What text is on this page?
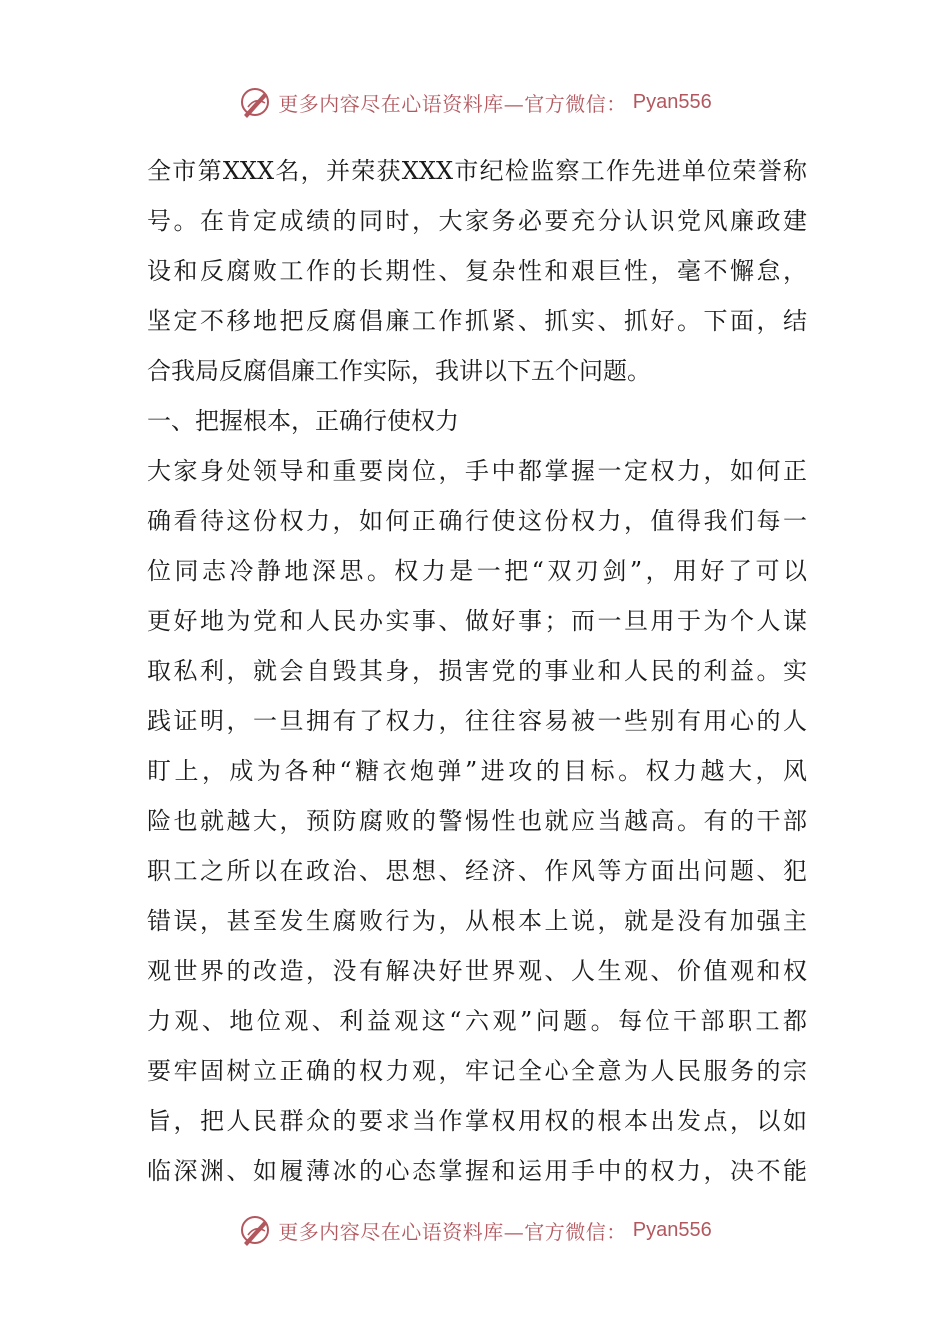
更多内容尽在心语资料库—官方微信： Pyan556
全市第XXX名，并荣获XXX市纪检监察工作先进单位荣誉称
号。在肯定成绩的同时，大家务必要充分认识党风廉政建
设和反腐败工作的长期性、复杂性和艰巨性，毫不懈怠，
坚定不移地把反腐倡廉工作抓紧、抓实、抓好。下面，结
合我局反腐倡廉工作实际，我讲以下五个问题。
一、把握根本，正确行使权力
大家身处领导和重要岗位，手中都掌握一定权力，如何正
确看待这份权力，如何正确行使这份权力，值得我们每一
位同志冷静地深思。权力是一把“双刃剑”，用好了可以
更好地为党和人民办实事、做好事；而一旦用于为个人谋
取私利，就会自毁其身，损害党的事业和人民的利益。实
践证明，一旦拥有了权力，往往容易被一些别有用心的人
盯上，成为各种“糖衣炮弹”进攻的目标。权力越大，风
险也就越大，预防腐败的警惕性也就应当越高。有的干部
职工之所以在政治、思想、经济、作风等方面出问题、犯
错误，甚至发生腐败行为，从根本上说，就是没有加强主
观世界的改造，没有解决好世界观、人生观、价值观和权
力观、地位观、利益观这“六观”问题。每位干部职工都
要牢固树立正确的权力观，牢记全心全意为人民服务的宗
旨，把人民群众的要求当作掌权用权的根本出发点，以如
临深渊、如履薄冰的心态掌握和运用手中的权力，决不能
更多内容尽在心语资料库—官方微信： Pyan556
